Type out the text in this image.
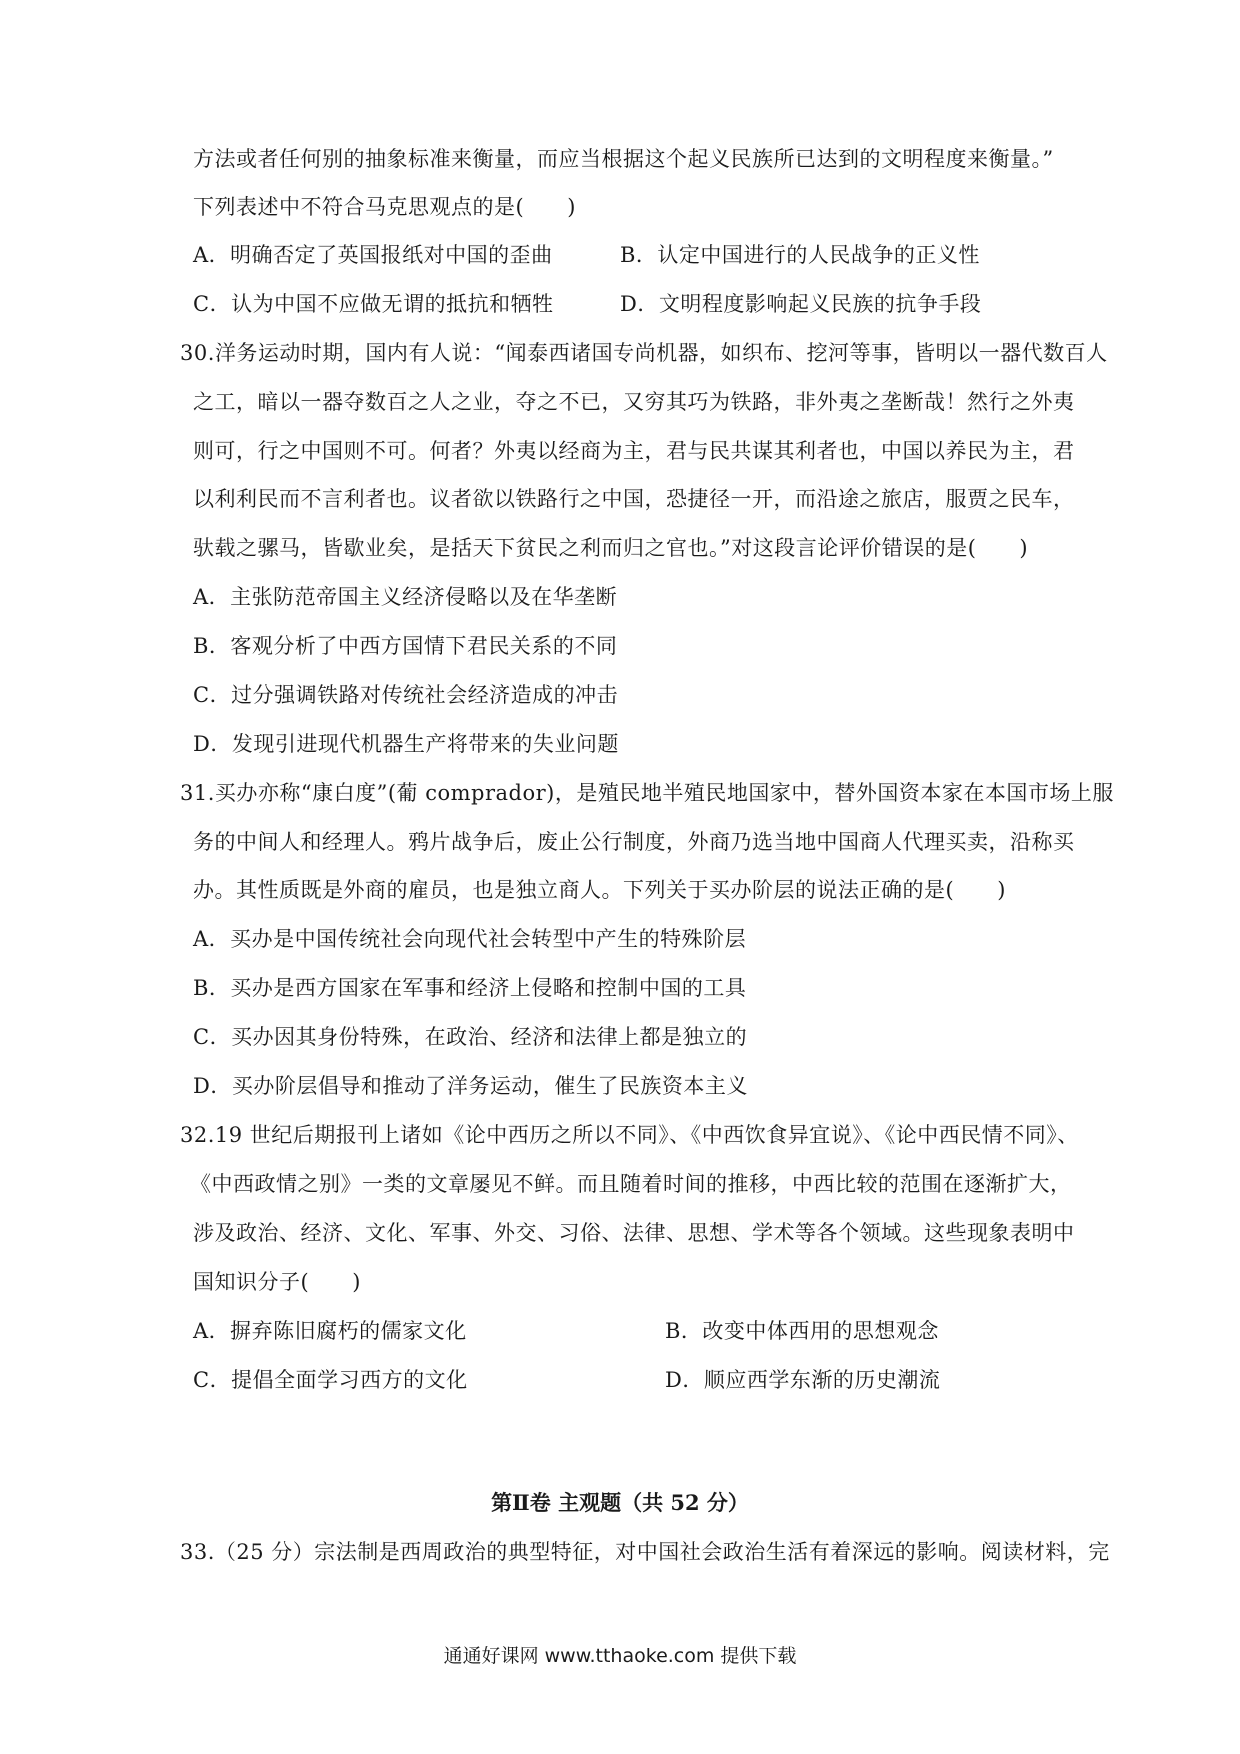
方法或者任何别的抽象标准来衡量，而应当根据这个起义民族所已达到的文明程度来衡量。”
下列表述中不符合马克思观点的是(　　)
A．明确否定了英国报纸对中国的歪曲	B．认定中国进行的人民战争的正义性
C．认为中国不应做无谓的抵抗和牺牲	D．文明程度影响起义民族的抗争手段
30.洋务运动时期，国内有人说：“闻泰西诸国专尚机器，如织布、挖河等事，皆明以一器代数百人
之工，暗以一器夺数百之人之业，夺之不已，又穷其巧为铁路，非外夷之垄断哉！然行之外夷
则可，行之中国则不可。何者？外夷以经商为主，君与民共谋其利者也，中国以养民为主，君
以利利民而不言利者也。议者欲以铁路行之中国，恐捷径一开，而沿途之旅店，服贾之民车，
驮载之骡马，皆歇业矣，是括天下贫民之利而归之官也。”对这段言论评价错误的是(　　)
A．主张防范帝国主义经济侵略以及在华垄断
B．客观分析了中西方国情下君民关系的不同
C．过分强调铁路对传统社会经济造成的冲击
D．发现引进现代机器生产将带来的失业问题
31.买办亦称“康白度”(葡 comprador)，是殖民地半殖民地国家中，替外国资本家在本国市场上服
务的中间人和经理人。鸦片战争后，废止公行制度，外商乃选当地中国商人代理买卖，沿称买
办。其性质既是外商的雇员，也是独立商人。下列关于买办阶层的说法正确的是(　　)
A．买办是中国传统社会向现代社会转型中产生的特殊阶层
B．买办是西方国家在军事和经济上侵略和控制中国的工具
C．买办因其身份特殊，在政治、经济和法律上都是独立的
D．买办阶层倡导和推动了洋务运动，催生了民族资本主义
32.19 世纪后期报刊上诸如《论中西历之所以不同》、《中西饮食异宜说》、《论中西民情不同》、
《中西政情之别》一类的文章屡见不鲜。而且随着时间的推移，中西比较的范围在逐渐扩大，
涉及政治、经济、文化、军事、外交、习俗、法律、思想、学术等各个领域。这些现象表明中
国知识分子(　　)
A．摒弃陈旧腐朽的儒家文化	B．改变中体西用的思想观念
C．提倡全面学习西方的文化	D．顺应西学东渐的历史潮流
第Ⅱ卷 主观题（共 52 分）
33.（25 分）宗法制是西周政治的典型特征，对中国社会政治生活有着深远的影响。阅读材料，完
通通好课网 www.tthaoke.com 提供下载
